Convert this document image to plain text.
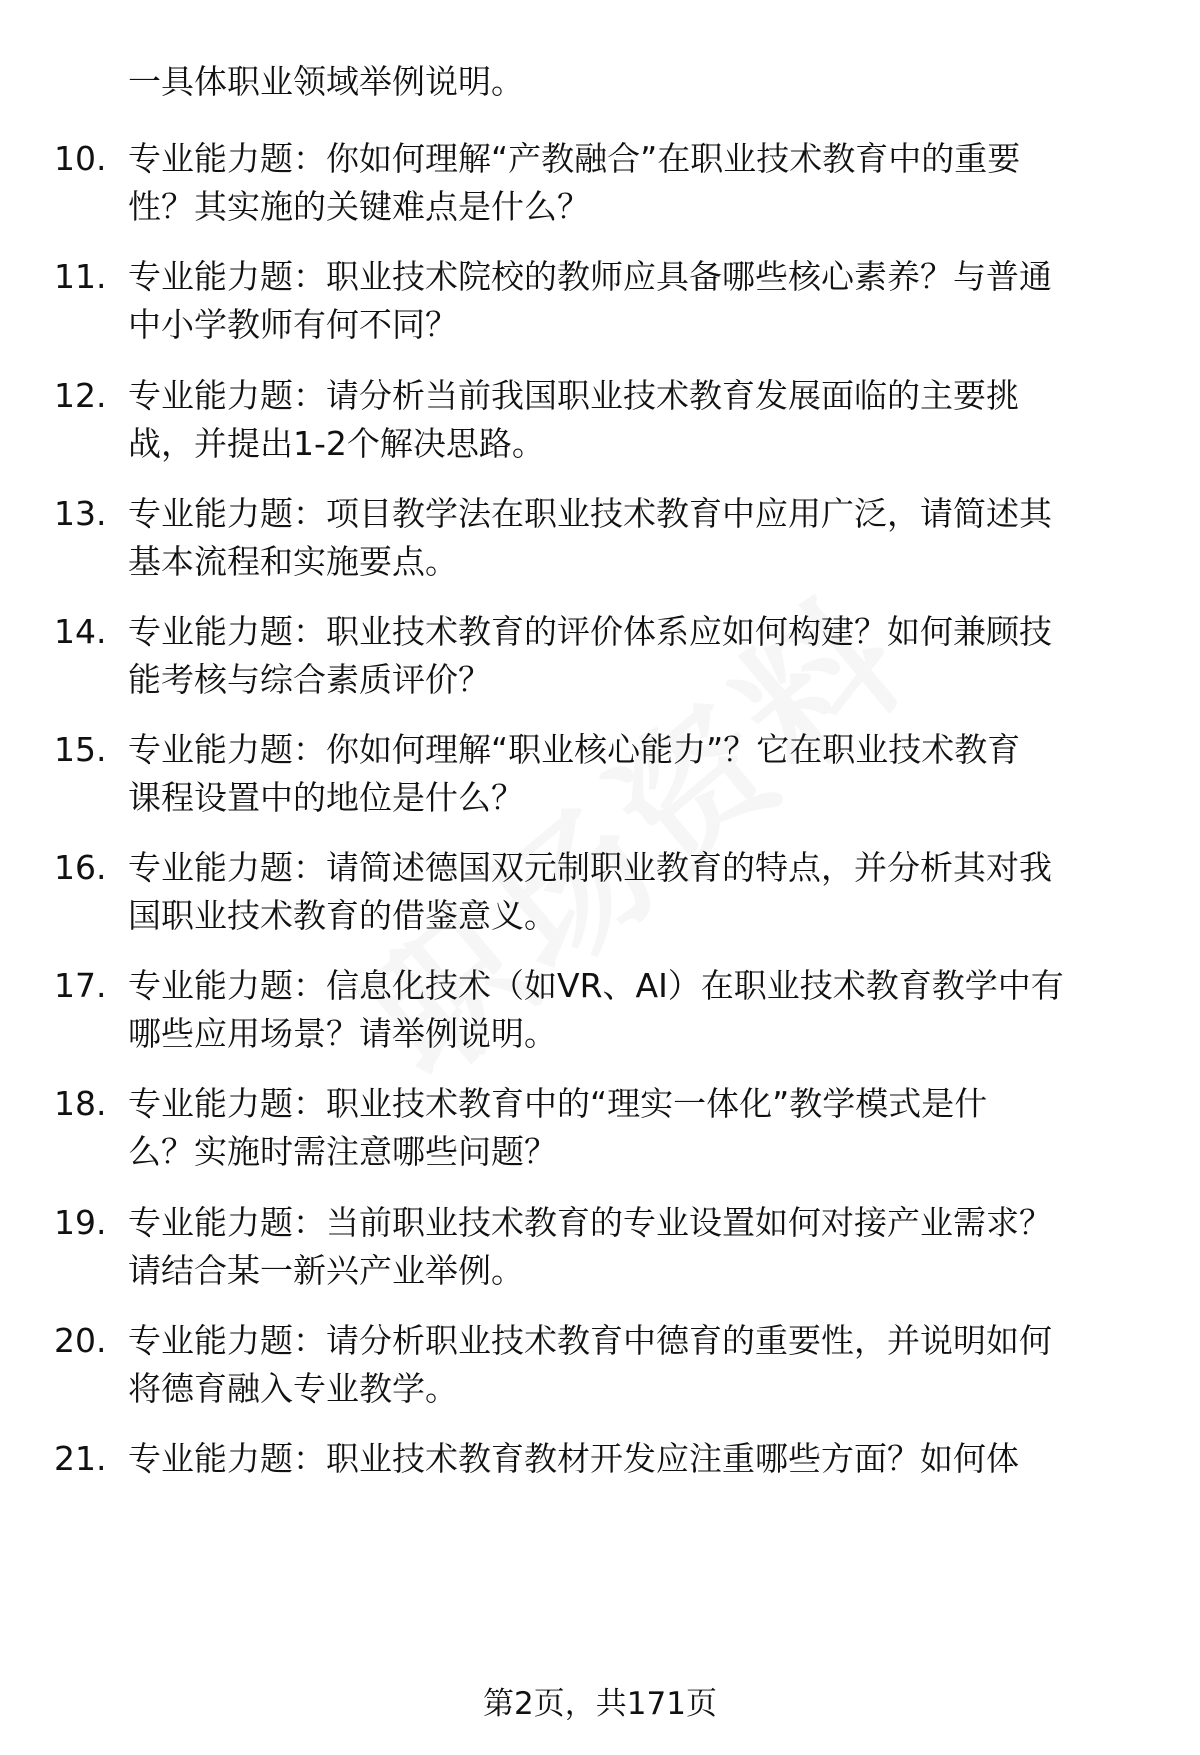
一具体职业领域举例说明。
10. 专业能力题：你如何理解“产教融合”在职业技术教育中的重要
性？其实施的关键难点是什么？
11. 专业能力题：职业技术院校的教师应具备哪些核心素养？与普通
中小学教师有何不同？
12. 专业能力题：请分析当前我国职业技术教育发展面临的主要挑
战，并提出1-2个解决思路。
13. 专业能力题：项目教学法在职业技术教育中应用广泛，请简述其
基本流程和实施要点。
14. 专业能力题：职业技术教育的评价体系应如何构建？如何兼顾技
能考核与综合素质评价？
15. 专业能力题：你如何理解“职业核心能力”？它在职业技术教育
课程设置中的地位是什么？
16. 专业能力题：请简述德国双元制职业教育的特点，并分析其对我
国职业技术教育的借鉴意义。
17. 专业能力题：信息化技术（如VR、AI）在职业技术教育教学中有
哪些应用场景？请举例说明。
18. 专业能力题：职业技术教育中的“理实一体化”教学模式是什
么？实施时需注意哪些问题？
19. 专业能力题：当前职业技术教育的专业设置如何对接产业需求？
请结合某一新兴产业举例。
20. 专业能力题：请分析职业技术教育中德育的重要性，并说明如何
将德育融入专业教学。
21. 专业能力题：职业技术教育教材开发应注重哪些方面？如何体
第2页，共171页
